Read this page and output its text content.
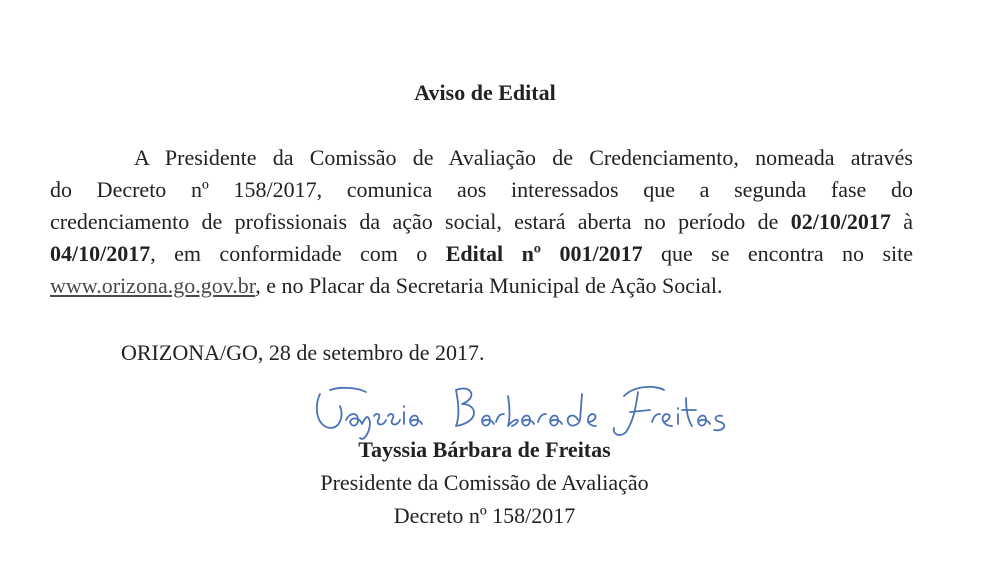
Aviso de Edital
A Presidente da Comissão de Avaliação de Credenciamento, nomeada através
do Decreto nº 158/2017, comunica aos interessados que a segunda fase do
credenciamento de profissionais da ação social, estará aberta no período de 02/10/2017 à
04/10/2017, em conformidade com o Edital nº 001/2017 que se encontra no site
www.orizona.go.gov.br, e no Placar da Secretaria Municipal de Ação Social.
ORIZONA/GO, 28 de setembro de 2017.
Tayssia Bárbara de Freitas
Presidente da Comissão de Avaliação
Decreto nº 158/2017
